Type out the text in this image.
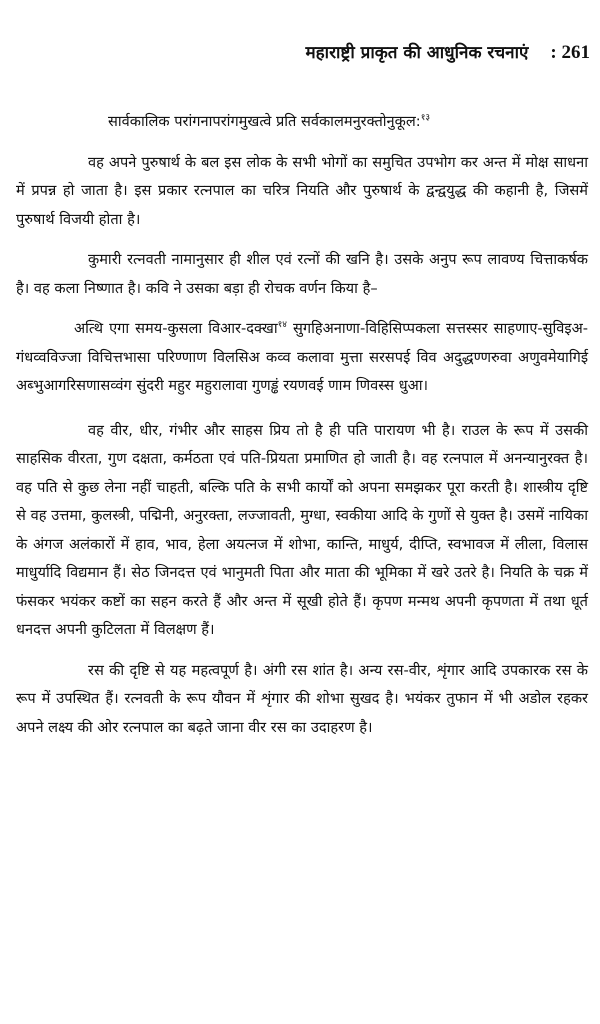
महाराष्ट्री प्राकृत की आधुनिक रचनाएं : 261

सार्वकालिक परांगनापरांगमुखत्वे प्रति सर्वकालमनुरक्तोनुकूल:$^{१३}$

वह अपने पुरुषार्थ के बल इस लोक के सभी भोगों का समुचित उपभोग कर अन्त में मोक्ष साधना में प्रपन्न हो जाता है। इस प्रकार रत्नपाल का चरित्र नियति और पुरुषार्थ के द्वन्द्वयुद्ध की कहानी है, जिसमें पुरुषार्थ विजयी होता है।

कुमारी रत्नवती नामानुसार ही शील एवं रत्नों की खनि है। उसके अनुप रूप लावण्य चित्ताकर्षक है। वह कला निष्णात है। कवि ने उसका बड़ा ही रोचक वर्णन किया है–

अत्थि एगा समय-कुसला विआर-दक्खा$^{१४}$ सुगहिअनाणा-विहिसिप्पकला सत्तस्सर साहणाए-सुविइअ-गंधव्वविज्जा विचित्तभासा परिण्णाण विलसिअ कव्व कलावा मुत्ता सरसपई विव अदुद्धण्णरुवा अणुवमेयागिई अब्भुआगरिसणासव्वंग सुंदरी महुर महुरालावा गुणड्ढं रयणवई णाम णिवस्स धुआ।

वह वीर, धीर, गंभीर और साहस प्रिय तो है ही पति पारायण भी है। राउल के रूप में उसकी साहसिक वीरता, गुण दक्षता, कर्मठता एवं पति-प्रियता प्रमाणित हो जाती है। वह रत्नपाल में अनन्यानुरक्त है। वह पति से कुछ लेना नहीं चाहती, बल्कि पति के सभी कार्यों को अपना समझकर पूरा करती है। शास्त्रीय दृष्टि से वह उत्तमा, कुलस्त्री, पद्मिनी, अनुरक्ता, लज्जावती, मुग्धा, स्वकीया आदि के गुणों से युक्त है। उसमें नायिका के अंगज अलंकारों में हाव, भाव, हेला अयत्नज में शोभा, कान्ति, माधुर्य, दीप्ति, स्वभावज में लीला, विलास माधुर्यादि विद्यमान हैं। सेठ जिनदत्त एवं भानुमती पिता और माता की भूमिका में खरे उतरे है। नियति के चक्र में फंसकर भयंकर कष्टों का सहन करते हैं और अन्त में सूखी होते हैं। कृपण मन्मथ अपनी कृपणता में तथा धूर्त धनदत्त अपनी कुटिलता में विलक्षण हैं।

रस की दृष्टि से यह महत्वपूर्ण है। अंगी रस शांत है। अन्य रस-वीर, शृंगार आदि उपकारक रस के रूप में उपस्थित हैं। रत्नवती के रूप यौवन में शृंगार की शोभा सुखद है। भयंकर तुफान में भी अडोल रहकर अपने लक्ष्य की ओर रत्नपाल का बढ़ते जाना वीर रस का उदाहरण है।
